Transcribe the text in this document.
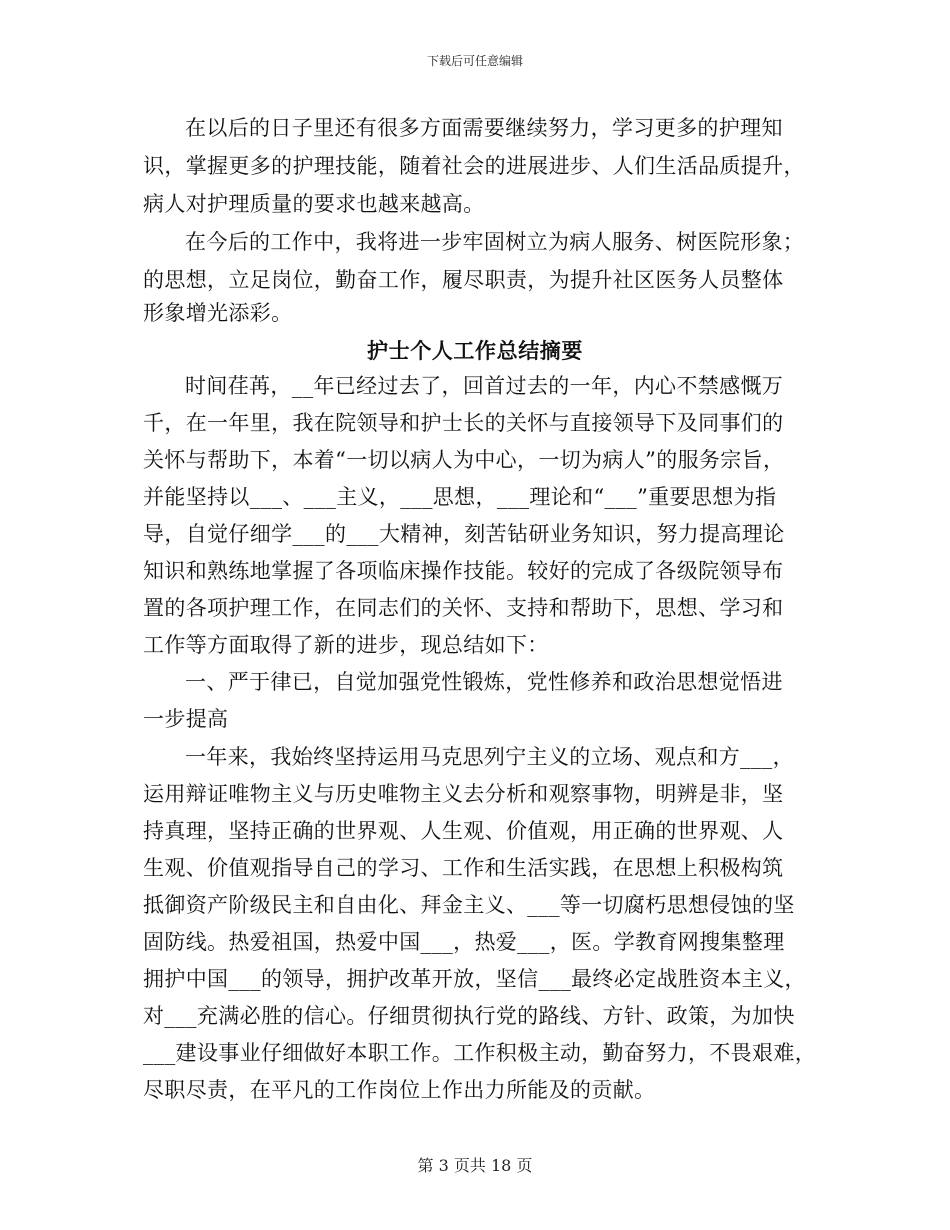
下载后可任意编辑
在以后的日子里还有很多方面需要继续努力，学习更多的护理知
识，掌握更多的护理技能，随着社会的进展进步、人们生活品质提升，
病人对护理质量的要求也越来越高。
在今后的工作中，我将进一步牢固树立为病人服务、树医院形象；
的思想，立足岗位，勤奋工作，履尽职责，为提升社区医务人员整体
形象增光添彩。
护士个人工作总结摘要
时间荏苒，__年已经过去了，回首过去的一年，内心不禁感慨万
千，在一年里，我在院领导和护士长的关怀与直接领导下及同事们的
关怀与帮助下，本着“一切以病人为中心，一切为病人”的服务宗旨，
并能坚持以___、___主义，___思想，___理论和“___”重要思想为指
导，自觉仔细学___的___大精神，刻苦钻研业务知识，努力提高理论
知识和熟练地掌握了各项临床操作技能。较好的完成了各级院领导布
置的各项护理工作，在同志们的关怀、支持和帮助下，思想、学习和
工作等方面取得了新的进步，现总结如下：
一、严于律已，自觉加强党性锻炼，党性修养和政治思想觉悟进
一步提高
一年来，我始终坚持运用马克思列宁主义的立场、观点和方___，
运用辩证唯物主义与历史唯物主义去分析和观察事物，明辨是非，坚
持真理，坚持正确的世界观、人生观、价值观，用正确的世界观、人
生观、价值观指导自己的学习、工作和生活实践，在思想上积极构筑
抵御资产阶级民主和自由化、拜金主义、___等一切腐朽思想侵蚀的坚
固防线。热爱祖国，热爱中国___，热爱___，医。学教育网搜集整理
拥护中国___的领导，拥护改革开放，坚信___最终必定战胜资本主义，
对___充满必胜的信心。仔细贯彻执行党的路线、方针、政策，为加快
___建设事业仔细做好本职工作。工作积极主动，勤奋努力，不畏艰难，
尽职尽责，在平凡的工作岗位上作出力所能及的贡献。
第 3 页共 18 页
